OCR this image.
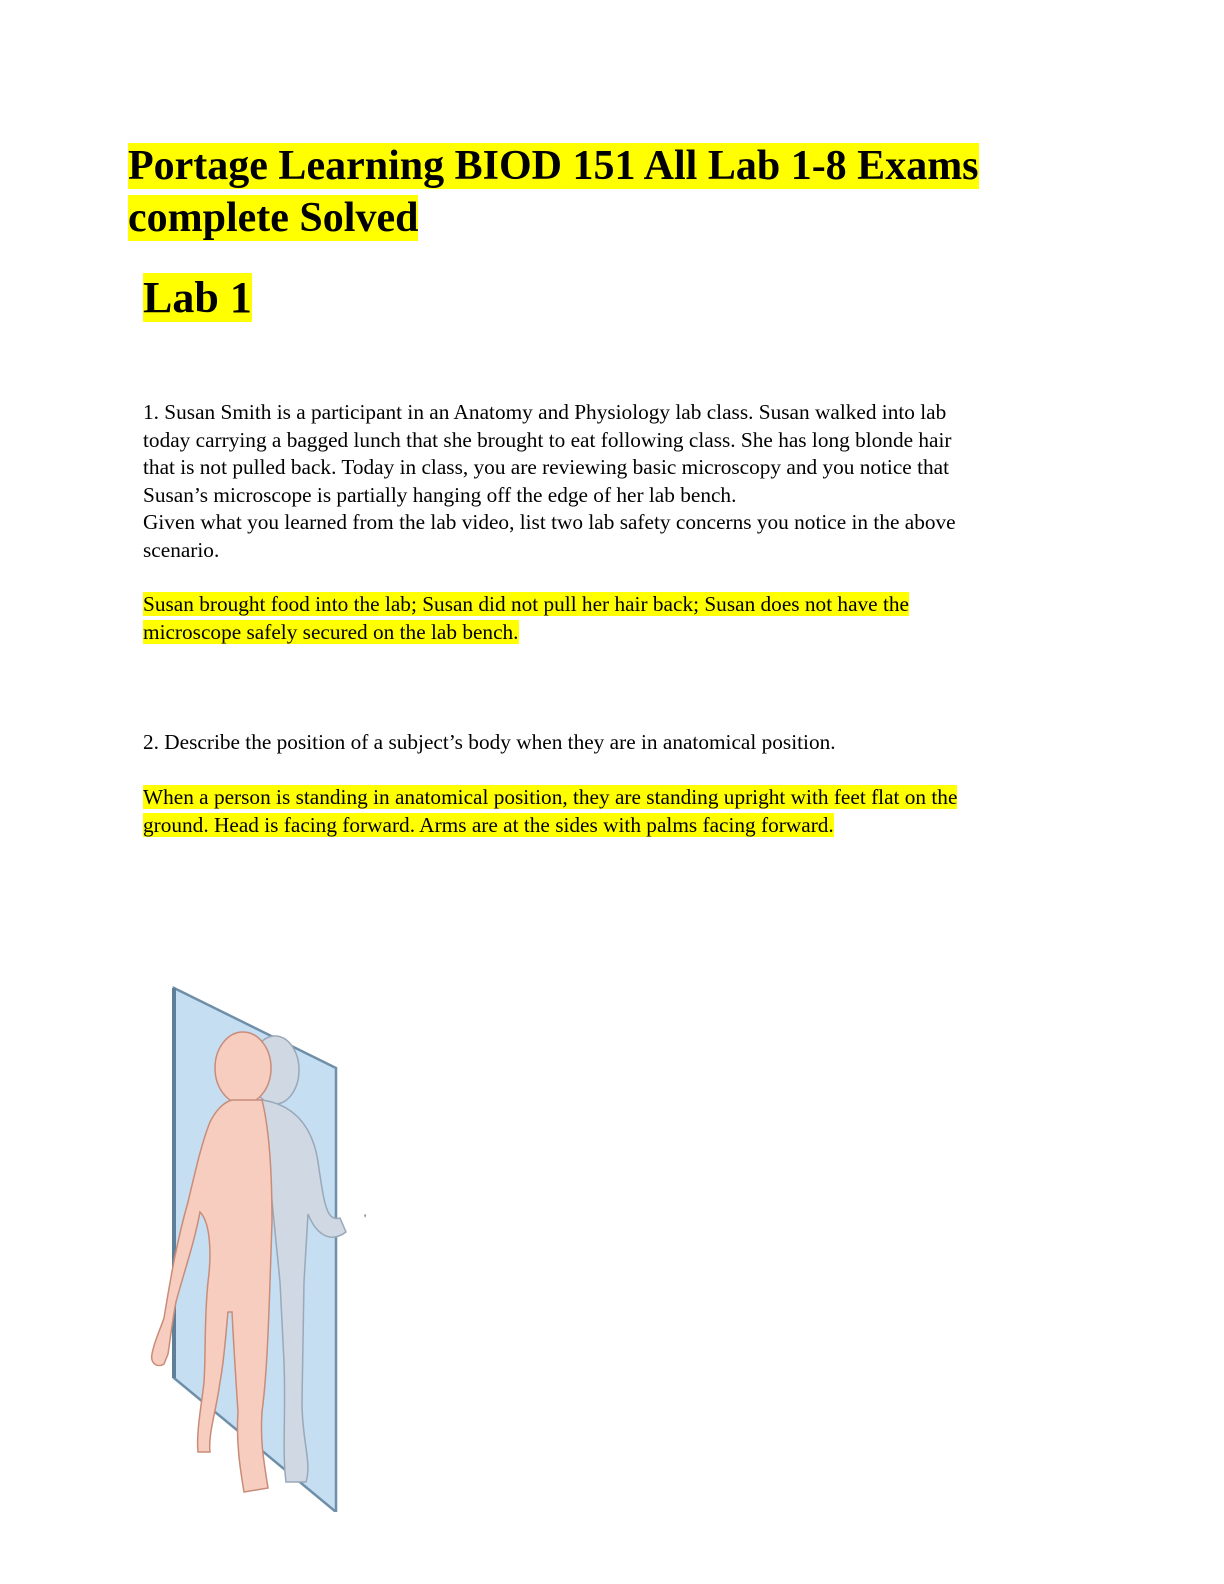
Portage Learning BIOD 151 All Lab 1-8 Exams
complete Solved
Lab 1

1. Susan Smith is a participant in an Anatomy and Physiology lab class. Susan walked into lab
today carrying a bagged lunch that she brought to eat following class. She has long blonde hair
that is not pulled back. Today in class, you are reviewing basic microscopy and you notice that
Susan’s microscope is partially hanging off the edge of her lab bench.
Given what you learned from the lab video, list two lab safety concerns you notice in the above
scenario.

Susan brought food into the lab; Susan did not pull her hair back; Susan does not have the
microscope safely secured on the lab bench.

2. Describe the position of a subject’s body when they are in anatomical position.

When a person is standing in anatomical position, they are standing upright with feet flat on the
ground. Head is facing forward. Arms are at the sides with palms facing forward.

'
